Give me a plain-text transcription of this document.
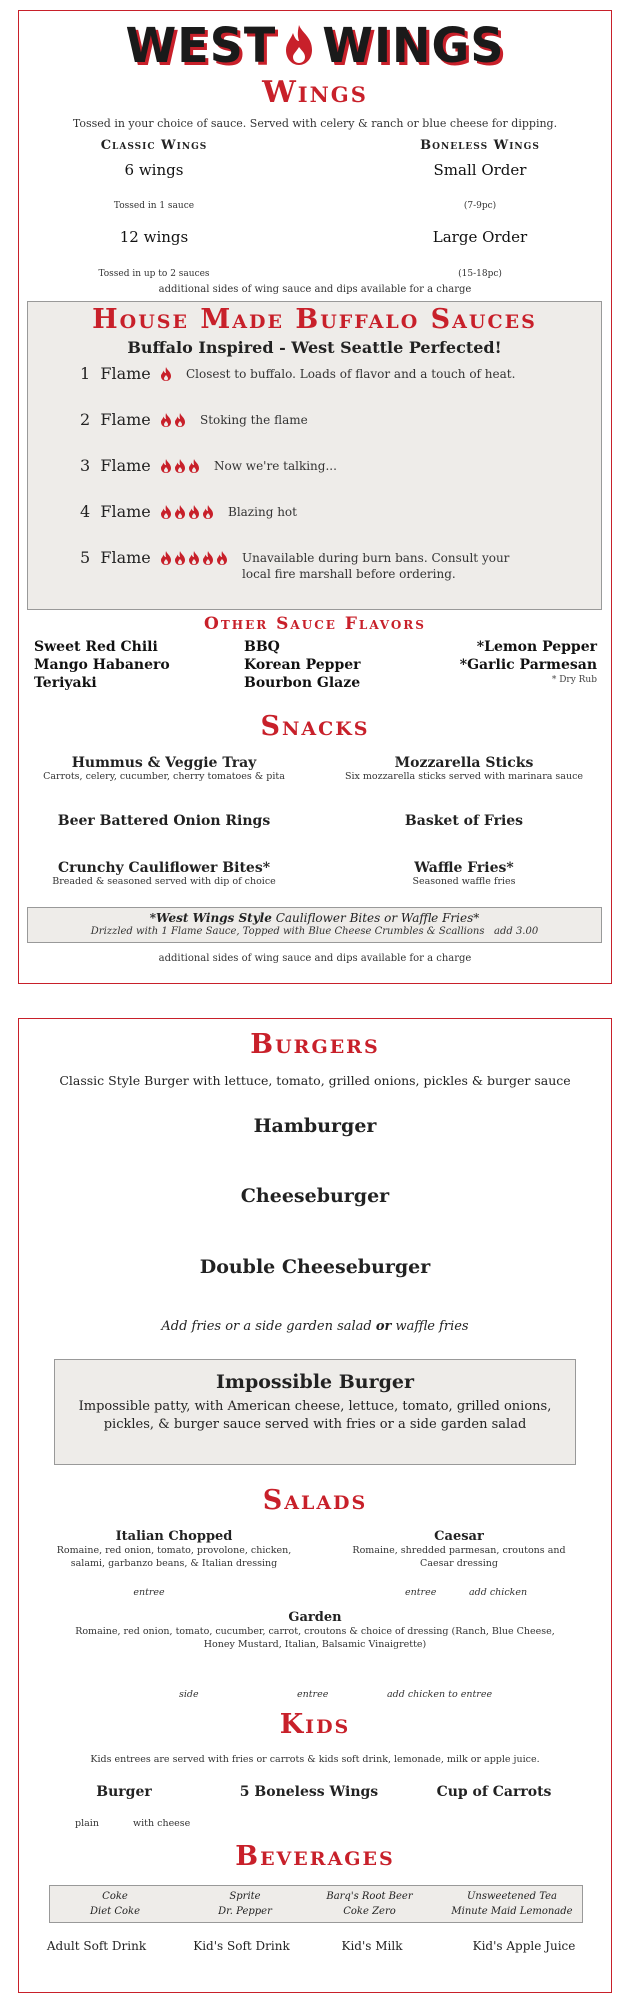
WEST WINGS
Wings
Tossed in your choice of sauce. Served with celery & ranch or blue cheese for dipping.
Classic Wings	Boneless Wings
6 wings	Small Order
Tossed in 1 sauce	(7-9pc)
12 wings	Large Order
Tossed in up to 2 sauces	(15-18pc)
additional sides of wing sauce and dips available for a charge
House Made Buffalo Sauces
Buffalo Inspired - West Seattle Perfected!
1  Flame	Closest to buffalo. Loads of flavor and a touch of heat.
2  Flame	Stoking the flame
3  Flame	Now we're talking...
4  Flame	Blazing hot
5  Flame	Unavailable during burn bans. Consult your local fire marshall before ordering.
Other Sauce Flavors
Sweet Red Chili
Mango Habanero
Teriyaki
BBQ
Korean Pepper
Bourbon Glaze
*Lemon Pepper
*Garlic Parmesan
* Dry Rub
Snacks
Hummus & Veggie Tray
Carrots, celery, cucumber, cherry tomatoes & pita
Mozzarella Sticks
Six mozzarella sticks served with marinara sauce
Beer Battered Onion Rings	Basket of Fries
Crunchy Cauliflower Bites*
Breaded & seasoned served with dip of choice
Waffle Fries*
Seasoned waffle fries
*West Wings Style Cauliflower Bites or Waffle Fries*
Drizzled with 1 Flame Sauce, Topped with Blue Cheese Crumbles & Scallions   add 3.00
additional sides of wing sauce and dips available for a charge
Burgers
Classic Style Burger with lettuce, tomato, grilled onions, pickles & burger sauce
Hamburger
Cheeseburger
Double Cheeseburger
Add fries or a side garden salad or waffle fries
Impossible Burger
Impossible patty, with American cheese, lettuce, tomato, grilled onions, pickles, & burger sauce served with fries or a side garden salad
Salads
Italian Chopped
Romaine, red onion, tomato, provolone, chicken, salami, garbanzo beans, & Italian dressing
entree
Caesar
Romaine, shredded parmesan, croutons and Caesar dressing
entree	add chicken
Garden
Romaine, red onion, tomato, cucumber, carrot, croutons & choice of dressing (Ranch, Blue Cheese, Honey Mustard, Italian, Balsamic Vinaigrette)
side	entree	add chicken to entree
Kids
Kids entrees are served with fries or carrots & kids soft drink, lemonade, milk or apple juice.
Burger	5 Boneless Wings	Cup of Carrots
plain	with cheese
Beverages
Coke
Diet Coke
Sprite
Dr. Pepper
Barq's Root Beer
Coke Zero
Unsweetened Tea
Minute Maid Lemonade
Adult Soft Drink	Kid's Soft Drink	Kid's Milk	Kid's Apple Juice
